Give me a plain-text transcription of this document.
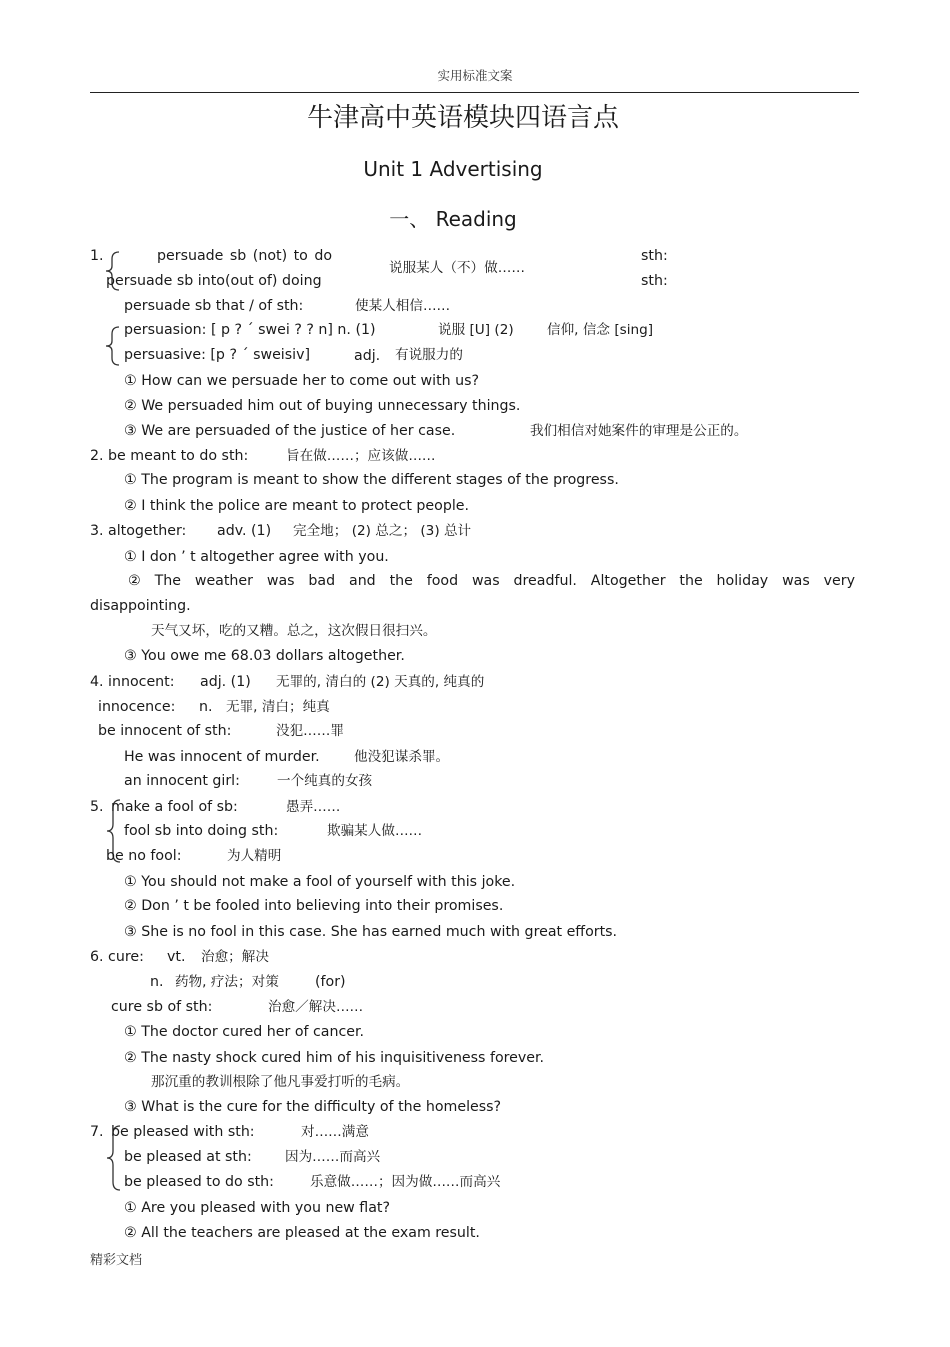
实用标准文案
精彩文档
牛津高中英语模块四语言点
Unit 1 Advertising
一、 Reading
1.	persuade sb (not) to do	sth:
说服某人（不）做……
persuade sb into(out of) doing	sth:
persuade sb that / of sth:	使某人相信……
persuasion: [ p ? ´ swei ? ? n] n. (1)	说服 [U] (2) 信仰, 信念 [sing]
persuasive: [p ? ´ sweisiv]	adj. 有说服力的
① How can we persuade her to come out with us?
② We persuaded him out of buying unnecessary things.
③ We are persuaded of the justice of her case.	我们相信对她案件的审理是公正的。
2. be meant to do sth:	旨在做……；应该做……
① The program is meant to show the different stages of the progress.
② I think the police are meant to protect people.
3. altogether: adv. (1) 完全地； (2) 总之； (3) 总计
① I don ’ t altogether agree with you.
② The weather was bad and the food was dreadful. Altogether the holiday was very
disappointing.
天气又坏，吃的又糟。总之，这次假日很扫兴。
③ You owe me 68.03 dollars altogether.
4. innocent: adj. (1) 无罪的, 清白的 (2) 天真的, 纯真的
innocence: n. 无罪, 清白；纯真
be innocent of sth:	没犯……罪
He was innocent of murder.	他没犯谋杀罪。
an innocent girl:	一个纯真的女孩
5. make a fool of sb:	愚弄……
fool sb into doing sth:	欺骗某人做……
be no fool:	为人精明
① You should not make a fool of yourself with this joke.
② Don ’ t be fooled into believing into their promises.
③ She is no fool in this case. She has earned much with great efforts.
6. cure: vt. 治愈；解决
n. 药物, 疗法；对策	(for)
cure sb of sth:	治愈／解决……
① The doctor cured her of cancer.
② The nasty shock cured him of his inquisitiveness forever.
那沉重的教训根除了他凡事爱打听的毛病。
③ What is the cure for the difficulty of the homeless?
7. be pleased with sth:	对……满意
be pleased at sth: 因为……而高兴
be pleased to do sth:	乐意做……；因为做……而高兴
① Are you pleased with you new flat?
② All the teachers are pleased at the exam result.
